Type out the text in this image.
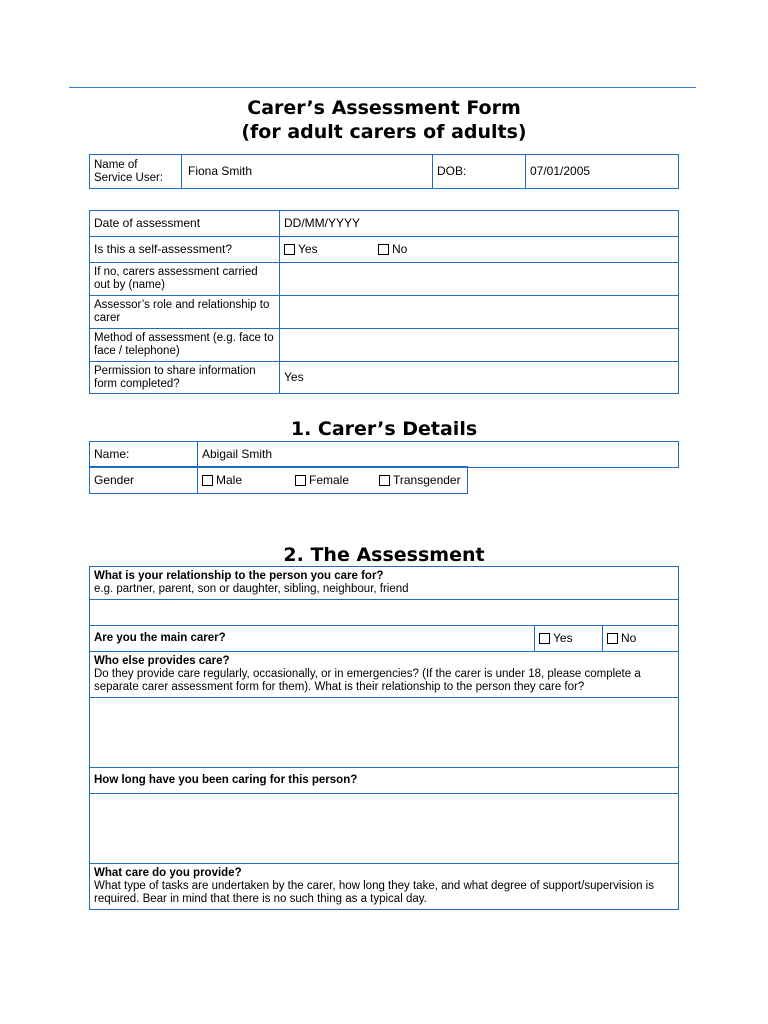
Carer’s Assessment Form
(for adult carers of adults)
Name of Service User:	Fiona Smith	DOB:	07/01/2005
Date of assessment	DD/MM/YYYY
Is this a self-assessment?	Yes No
If no, carers assessment carried out by (name)	
Assessor’s role and relationship to carer	
Method of assessment (e.g. face to face / telephone)	
Permission to share information form completed?	Yes
1. Carer’s Details
Name:	Abigail Smith
Gender	Male	Female	Transgender
2. The Assessment
What is your relationship to the person you care for?
e.g. partner, parent, son or daughter, sibling, neighbour, friend

Are you the main carer?	Yes	No
Who else provides care?
Do they provide care regularly, occasionally, or in emergencies? (If the carer is under 18, please complete a separate carer assessment form for them). What is their relationship to the person they care for?

How long have you been caring for this person?

What care do you provide?
What type of tasks are undertaken by the carer, how long they take, and what degree of support/supervision is required. Bear in mind that there is no such thing as a typical day.
